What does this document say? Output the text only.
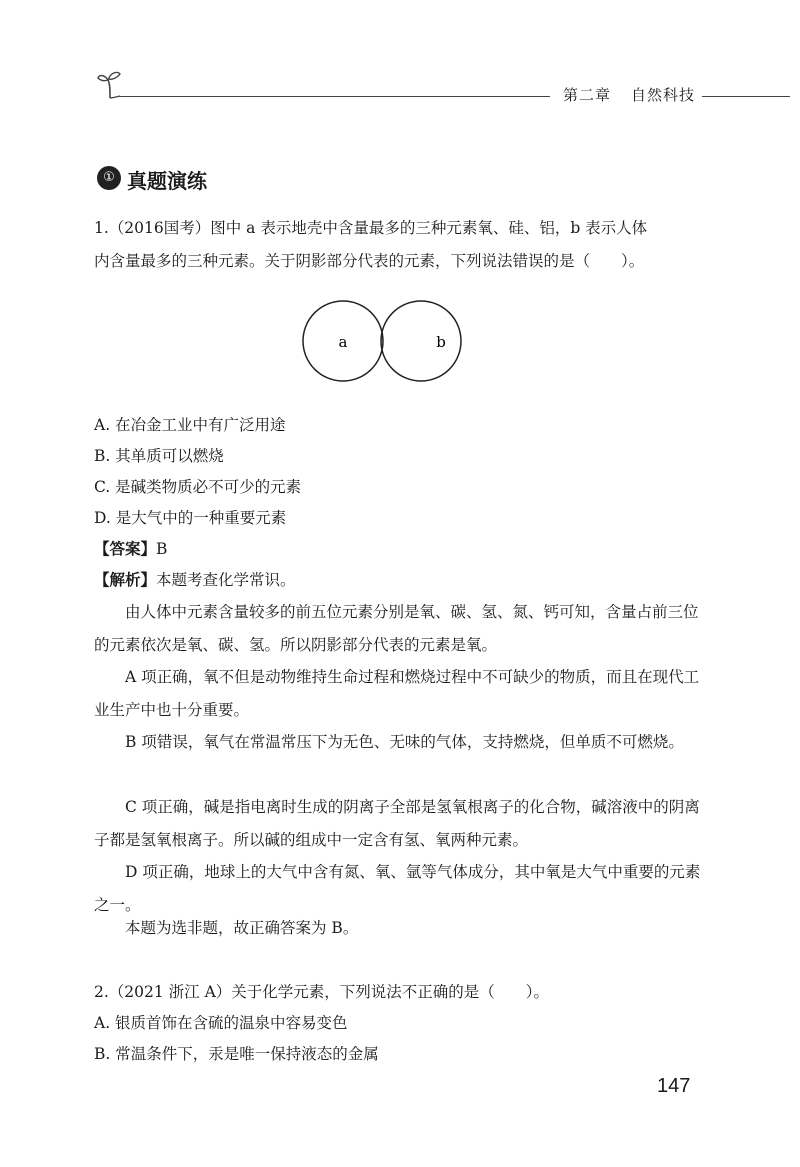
第二章 自然科技
① 真题演练
1.（2016国考）图中 a 表示地壳中含量最多的三种元素氧、硅、铝，b 表示人体
内含量最多的三种元素。关于阴影部分代表的元素，下列说法错误的是（　　）。
a	b
A. 在冶金工业中有广泛用途
B. 其单质可以燃烧
C. 是碱类物质必不可少的元素
D. 是大气中的一种重要元素
【答案】B
【解析】本题考查化学常识。
由人体中元素含量较多的前五位元素分别是氧、碳、氢、氮、钙可知，含量占前三位的元素依次是氧、碳、氢。所以阴影部分代表的元素是氧。
A 项正确，氧不但是动物维持生命过程和燃烧过程中不可缺少的物质，而且在现代工业生产中也十分重要。
B 项错误，氧气在常温常压下为无色、无味的气体，支持燃烧，但单质不可燃烧。
C 项正确，碱是指电离时生成的阴离子全部是氢氧根离子的化合物，碱溶液中的阴离子都是氢氧根离子。所以碱的组成中一定含有氢、氧两种元素。
D 项正确，地球上的大气中含有氮、氧、氩等气体成分，其中氧是大气中重要的元素之一。
本题为选非题，故正确答案为 B。
2.（2021 浙江 A）关于化学元素，下列说法不正确的是（　　）。
A. 银质首饰在含硫的温泉中容易变色
B. 常温条件下，汞是唯一保持液态的金属
147
